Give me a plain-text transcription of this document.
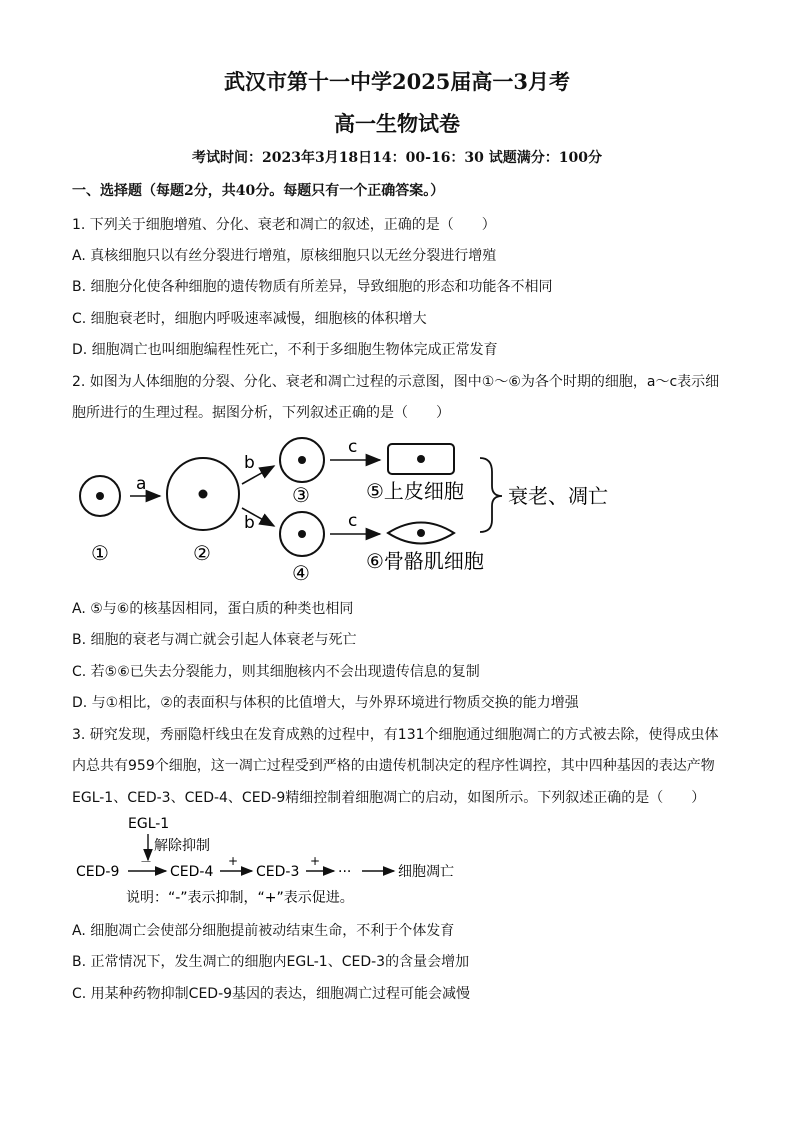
武汉市第十一中学2025届高一3月考
高一生物试卷
考试时间：2023年3月18日14：00-16：30 试题满分：100分
一、选择题（每题2分，共40分。每题只有一个正确答案。）
1. 下列关于细胞增殖、分化、衰老和凋亡的叙述，正确的是（　　）
A. 真核细胞只以有丝分裂进行增殖，原核细胞只以无丝分裂进行增殖
B. 细胞分化使各种细胞的遗传物质有所差异，导致细胞的形态和功能各不相同
C. 细胞衰老时，细胞内呼吸速率减慢，细胞核的体积增大
D. 细胞凋亡也叫细胞编程性死亡，不利于多细胞生物体完成正常发育
2. 如图为人体细胞的分裂、分化、衰老和凋亡过程的示意图，图中①～⑥为各个时期的细胞，a～c表示细
胞所进行的生理过程。据图分析，下列叙述正确的是（　　）
①
a
②
b
b
③
④
c
c
⑤上皮细胞
⑥骨骼肌细胞
衰老、凋亡
A. ⑤与⑥的核基因相同，蛋白质的种类也相同
B. 细胞的衰老与凋亡就会引起人体衰老与死亡
C. 若⑤⑥已失去分裂能力，则其细胞核内不会出现遗传信息的复制
D. 与①相比，②的表面积与体积的比值增大，与外界环境进行物质交换的能力增强
3. 研究发现，秀丽隐杆线虫在发育成熟的过程中，有131个细胞通过细胞凋亡的方式被去除，使得成虫体
内总共有959个细胞，这一凋亡过程受到严格的由遗传机制决定的程序性调控，其中四种基因的表达产物
EGL-1、CED-3、CED-4、CED-9精细控制着细胞凋亡的启动，如图所示。下列叙述正确的是（　　）
EGL-1
解除抑制
CED-9
－
CED-4
+
CED-3
+
···	细胞凋亡
说明：“-”表示抑制，“+”表示促进。
A. 细胞凋亡会使部分细胞提前被动结束生命，不利于个体发育
B. 正常情况下，发生凋亡的细胞内EGL-1、CED-3的含量会增加
C. 用某种药物抑制CED-9基因的表达，细胞凋亡过程可能会减慢
